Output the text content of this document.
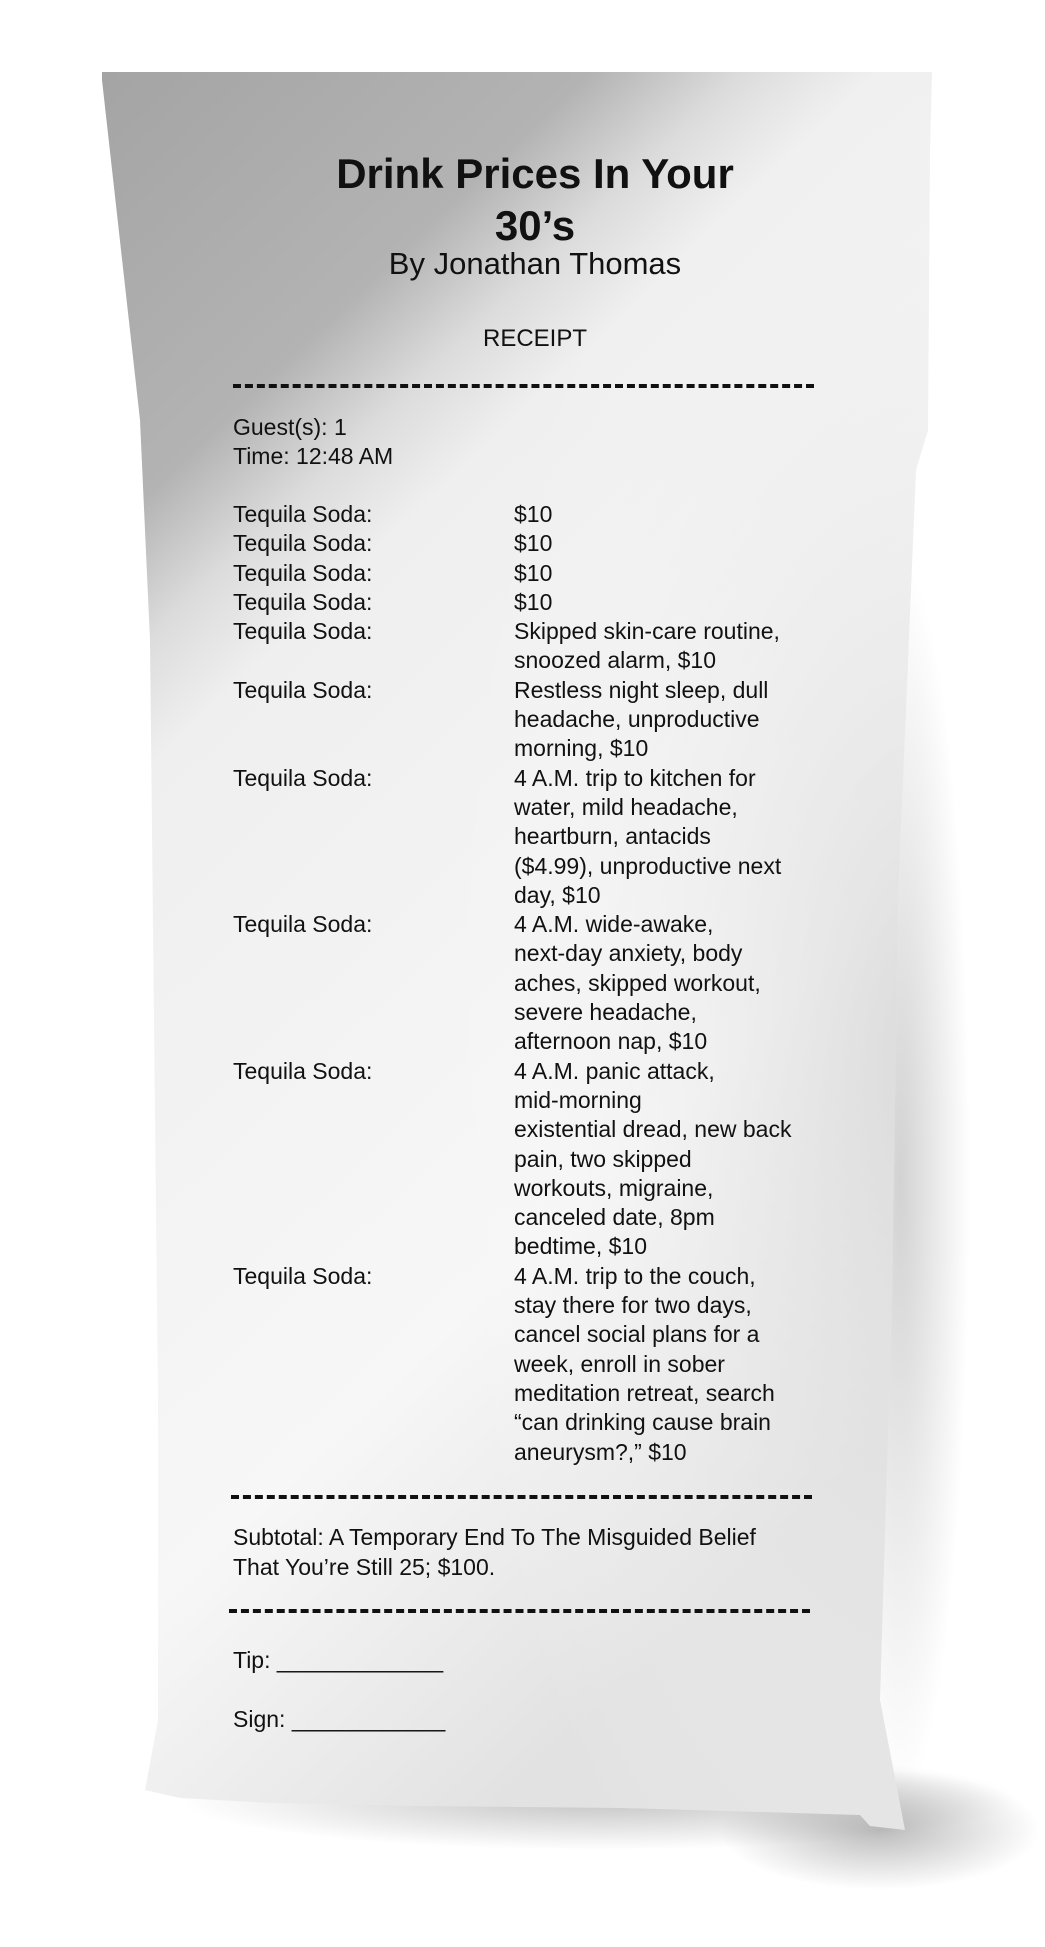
Drink Prices In Your
30’s
By Jonathan Thomas
RECEIPT
Guest(s): 1
Time: 12:48 AM
Tequila Soda:	$10
Tequila Soda:	$10
Tequila Soda:	$10
Tequila Soda:	$10
Tequila Soda:	Skipped skin-care routine,
snoozed alarm, $10
Tequila Soda:	Restless night sleep, dull
headache, unproductive
morning, $10
Tequila Soda:	4 A.M. trip to kitchen for
water, mild headache,
heartburn, antacids
($4.99), unproductive next
day, $10
Tequila Soda:	4 A.M. wide-awake,
next-day anxiety, body
aches, skipped workout,
severe headache,
afternoon nap, $10
Tequila Soda:	4 A.M. panic attack,
mid-morning
existential dread, new back
pain, two skipped
workouts, migraine,
canceled date, 8pm
bedtime, $10
Tequila Soda:	4 A.M. trip to the couch,
stay there for two days,
cancel social plans for a
week, enroll in sober
meditation retreat, search
“can drinking cause brain
aneurysm?,” $10
Subtotal: A Temporary End To The Misguided Belief
That You’re Still 25; $100.
Tip: _____________
Sign: ____________
